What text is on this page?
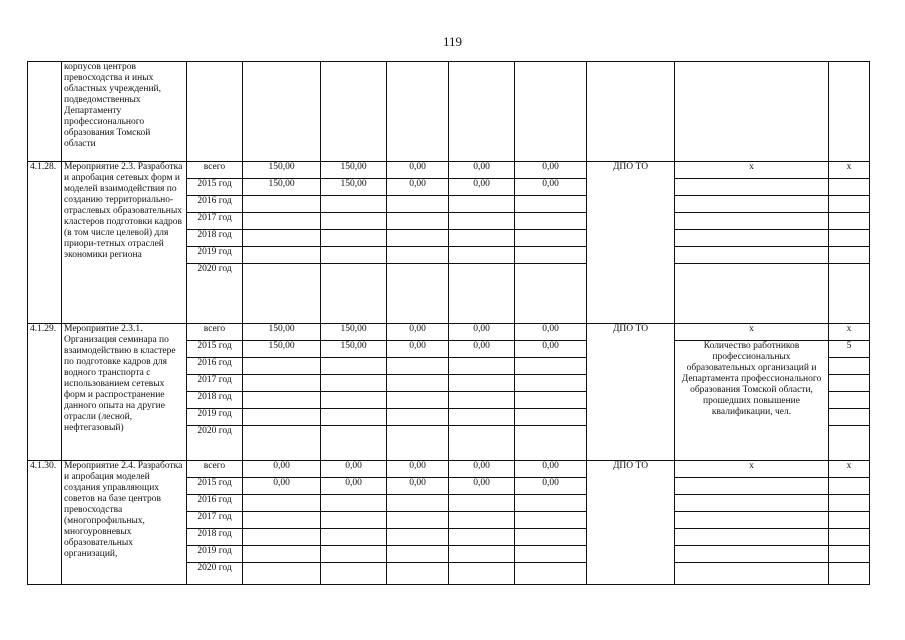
119
	корпусов центров превосходства и иных областных учреждений, подведомственных Департаменту профессионального образования Томской области									
4.1.28.	Мероприятие 2.3. Разработка и апробация сетевых форм и моделей взаимодействия по созданию территориально-отраслевых образовательных кластеров подготовки кадров (в том числе целевой) для приори-тетных отраслей экономики региона	всего	150,00	150,00	0,00	0,00	0,00	ДПО ТО	x	x
		2015 год	150,00	150,00	0,00	0,00	0,00			
		2016 год								
		2017 год								
		2018 год								
		2019 год								
		2020 год								
4.1.29.	Мероприятие 2.3.1. Организация семинара по взаимодействию в кластере по подготовке кадров для водного транспорта с использованием сетевых форм и распространение данного опыта на другие отрасли (лесной, нефтегазовый)	всего	150,00	150,00	0,00	0,00	0,00	ДПО ТО	x	x
		2015 год	150,00	150,00	0,00	0,00	0,00		Количество работников профессиональных образовательных организаций и Департамента профессионального образования Томской области, прошедших повышение квалификации, чел.	5
		2016 год								
		2017 год								
		2018 год								
		2019 год								
		2020 год								
4.1.30.	Мероприятие 2.4. Разработка и апробация моделей создания управляющих советов на базе центров превосходства (многопрофильных, многоуровневых образовательных организаций,	всего	0,00	0,00	0,00	0,00	0,00	ДПО ТО	x	x
		2015 год	0,00	0,00	0,00	0,00	0,00			
		2016 год								
		2017 год								
		2018 год								
		2019 год								
		2020 год								
